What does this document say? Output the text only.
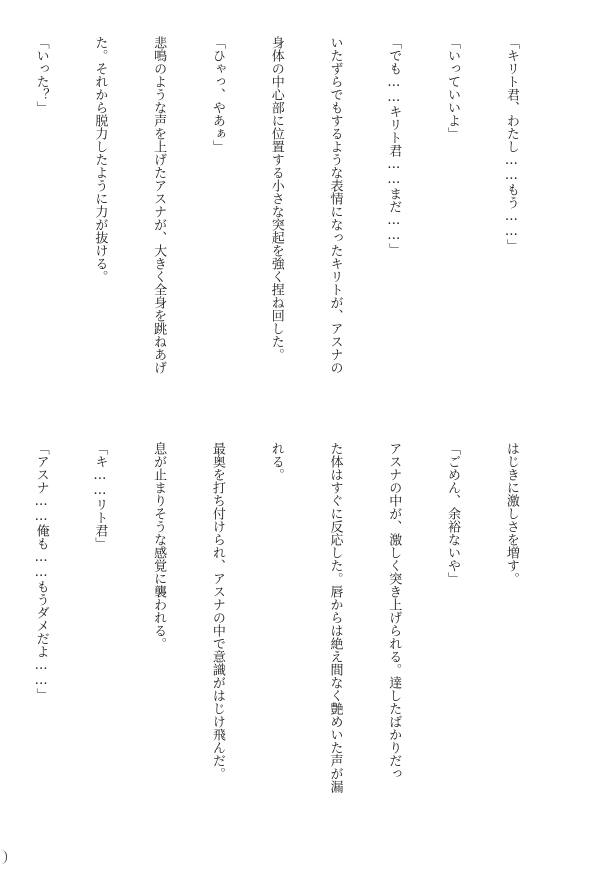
「キリト君、わたし……もう……」

「いっていいよ」

「でも……キリト君……まだ……」

いたずらでもするような表情になったキリトが、アスナの

身体の中心部に位置する小さな突起を強く捏ね回した。

「ひゃっ、やあぁ」

悲鳴のような声を上げたアスナが、大きく全身を跳ねあげ

た。それから脱力したように力が抜ける。

「いった？」

はじきに激しさを増す。

「ごめん、余裕ないや」

アスナの中が、激しく突き上げられる。達したばかりだっ

た体はすぐに反応した。唇からは絶え間なく艶めいた声が漏

れる。

最奥を打ち付けられ、アスナの中で意識がはじけ飛んだ。

息が止まりそうな感覚に襲われる。

「キ……リト君」

「アスナ……俺も……もうダメだよ……」
